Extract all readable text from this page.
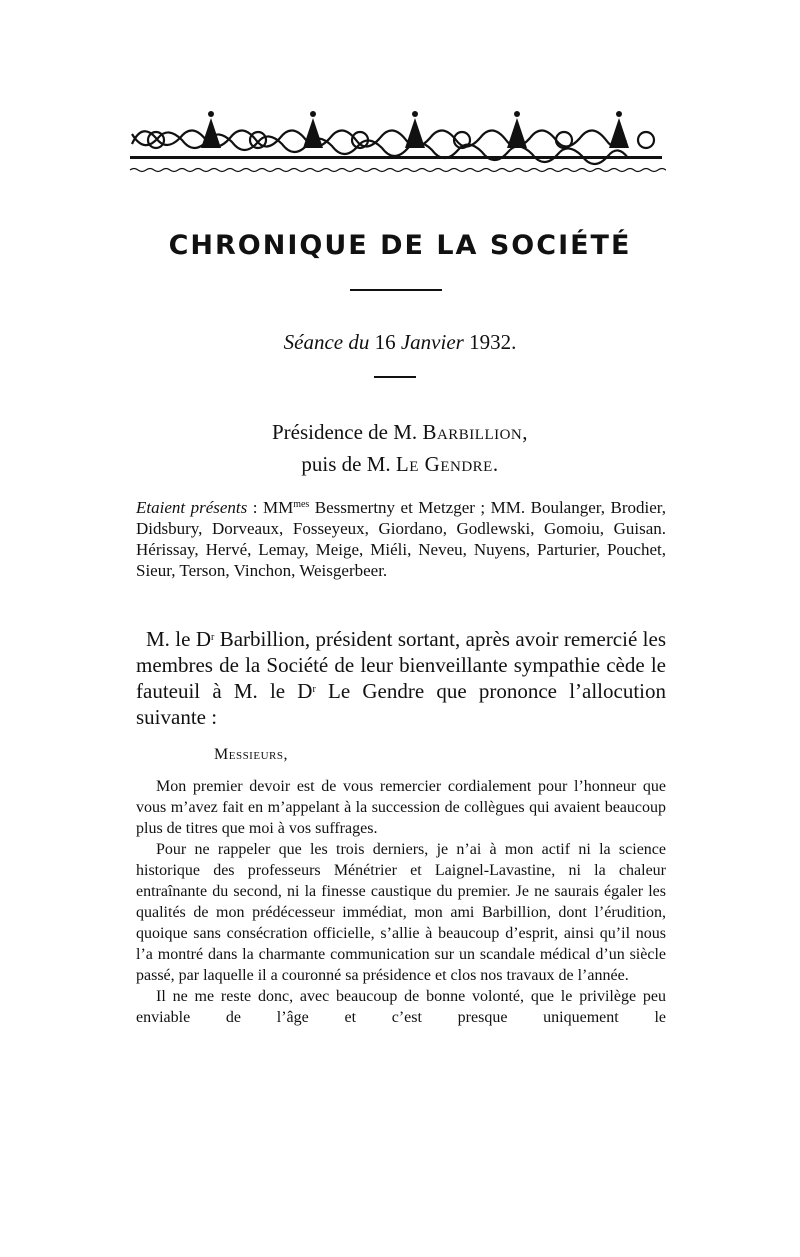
CHRONIQUE DE LA SOCIÉTÉ
Séance du 16 Janvier 1932.
Présidence de M. Barbillion,
puis de M. Le Gendre.
Etaient présents : $MM^{mes}$ Bessmertny et Metzger ; MM. Boulanger, Brodier, Didsbury, Dorveaux, Fosseyeux, Giordano, Godlewski, Gomoiu, Guisan. Hérissay, Hervé, Lemay, Meige, Miéli, Neveu, Nuyens, Parturier, Pouchet, Sieur, Terson, Vinchon, Weisgerbeer.
M. le $D^r$ Barbillion, président sortant, après avoir remercié les membres de la Société de leur bienveillante sympathie cède le fauteuil à M. le $D^r$ Le Gendre que prononce l’allocution suivante :
Messieurs,

Mon premier devoir est de vous remercier cordialement pour l’honneur que vous m’avez fait en m’appelant à la succession de collègues qui avaient beaucoup plus de titres que moi à vos suffrages.

Pour ne rappeler que les trois derniers, je n’ai à mon actif ni la science historique des professeurs Ménétrier et Laignel-Lavastine, ni la chaleur entraînante du second, ni la finesse caustique du premier. Je ne saurais égaler les qualités de mon prédécesseur immédiat, mon ami Barbillion, dont l’érudition, quoique sans consécration officielle, s’allie à beaucoup d’esprit, ainsi qu’il nous l’a montré dans la charmante communication sur un scandale médical d’un siècle passé, par laquelle il a couronné sa présidence et clos nos travaux de l’année.

Il ne me reste donc, avec beaucoup de bonne volonté, que le privilège peu enviable de l’âge et c’est presque uniquement le
